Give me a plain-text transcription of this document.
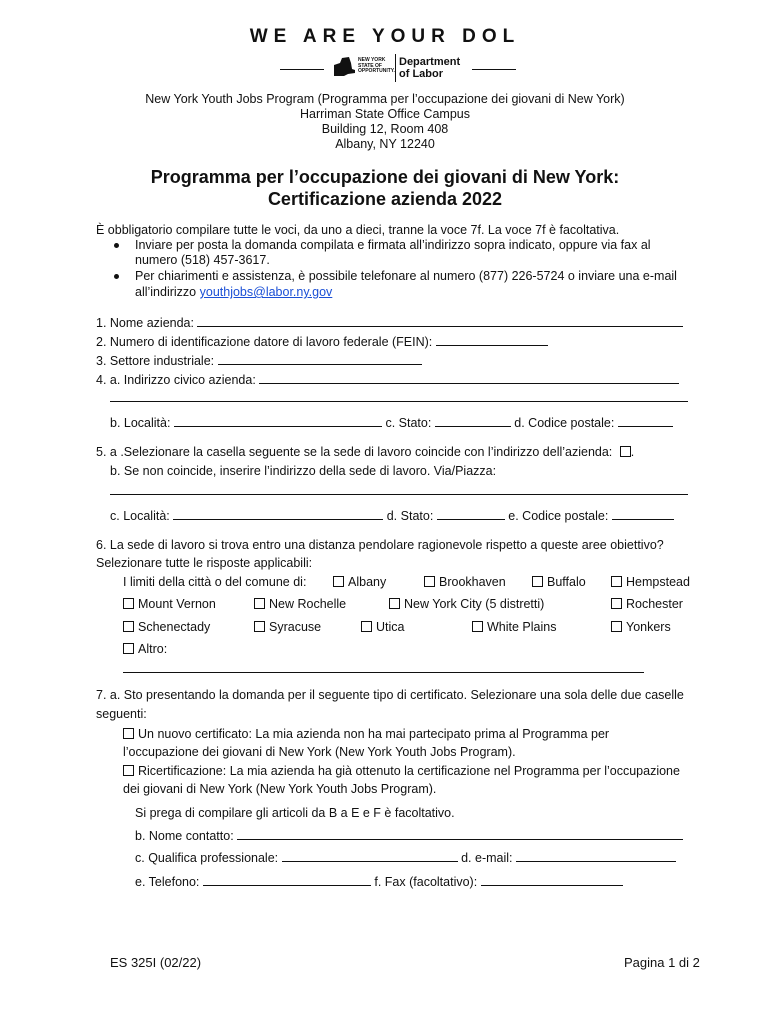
WE ARE YOUR DOL
NEW YORK STATE OF OPPORTUNITY.
Department of Labor
New York Youth Jobs Program (Programma per l’occupazione dei giovani di New York)
Harriman State Office Campus
Building 12, Room 408
Albany, NY 12240
Programma per l’occupazione dei giovani di New York:
Certificazione azienda 2022
È obbligatorio compilare tutte le voci, da uno a dieci, tranne la voce 7f. La voce 7f è facoltativa.
Inviare per posta la domanda compilata e firmata all’indirizzo sopra indicato, oppure via fax al
numero (518) 457-3617.
Per chiarimenti e assistenza, è possibile telefonare al numero (877) 226-5724 o inviare una e-mail
all’indirizzo youthjobs@labor.ny.gov
1. Nome azienda:
2. Numero di identificazione datore di lavoro federale (FEIN):
3. Settore industriale:
4. a. Indirizzo civico azienda:
b. Località:	c. Stato:	d. Codice postale:
5. a .Selezionare la casella seguente se la sede di lavoro coincide con l’indirizzo dell’azienda: .
b. Se non coincide, inserire l’indirizzo della sede di lavoro. Via/Piazza:
c. Località:	d. Stato:	e. Codice postale:
6. La sede di lavoro si trova entro una distanza pendolare ragionevole rispetto a queste aree obiettivo?
Selezionare tutte le risposte applicabili:
I limiti della città o del comune di:	Albany	Brookhaven	Buffalo	Hempstead
Mount Vernon	New Rochelle	New York City (5 distretti)	Rochester
Schenectady	Syracuse	Utica	White Plains	Yonkers
Altro:
7. a. Sto presentando la domanda per il seguente tipo di certificato. Selezionare una sola delle due caselle
seguenti:
Un nuovo certificato: La mia azienda non ha mai partecipato prima al Programma per
l’occupazione dei giovani di New York (New York Youth Jobs Program).
Ricertificazione: La mia azienda ha già ottenuto la certificazione nel Programma per l’occupazione
dei giovani di New York (New York Youth Jobs Program).
Si prega di compilare gli articoli da B a E e F è facoltativo.
b. Nome contatto:
c. Qualifica professionale:	d. e-mail:
e. Telefono:	f. Fax (facoltativo):
ES 325I (02/22)	Pagina 1 di 2
